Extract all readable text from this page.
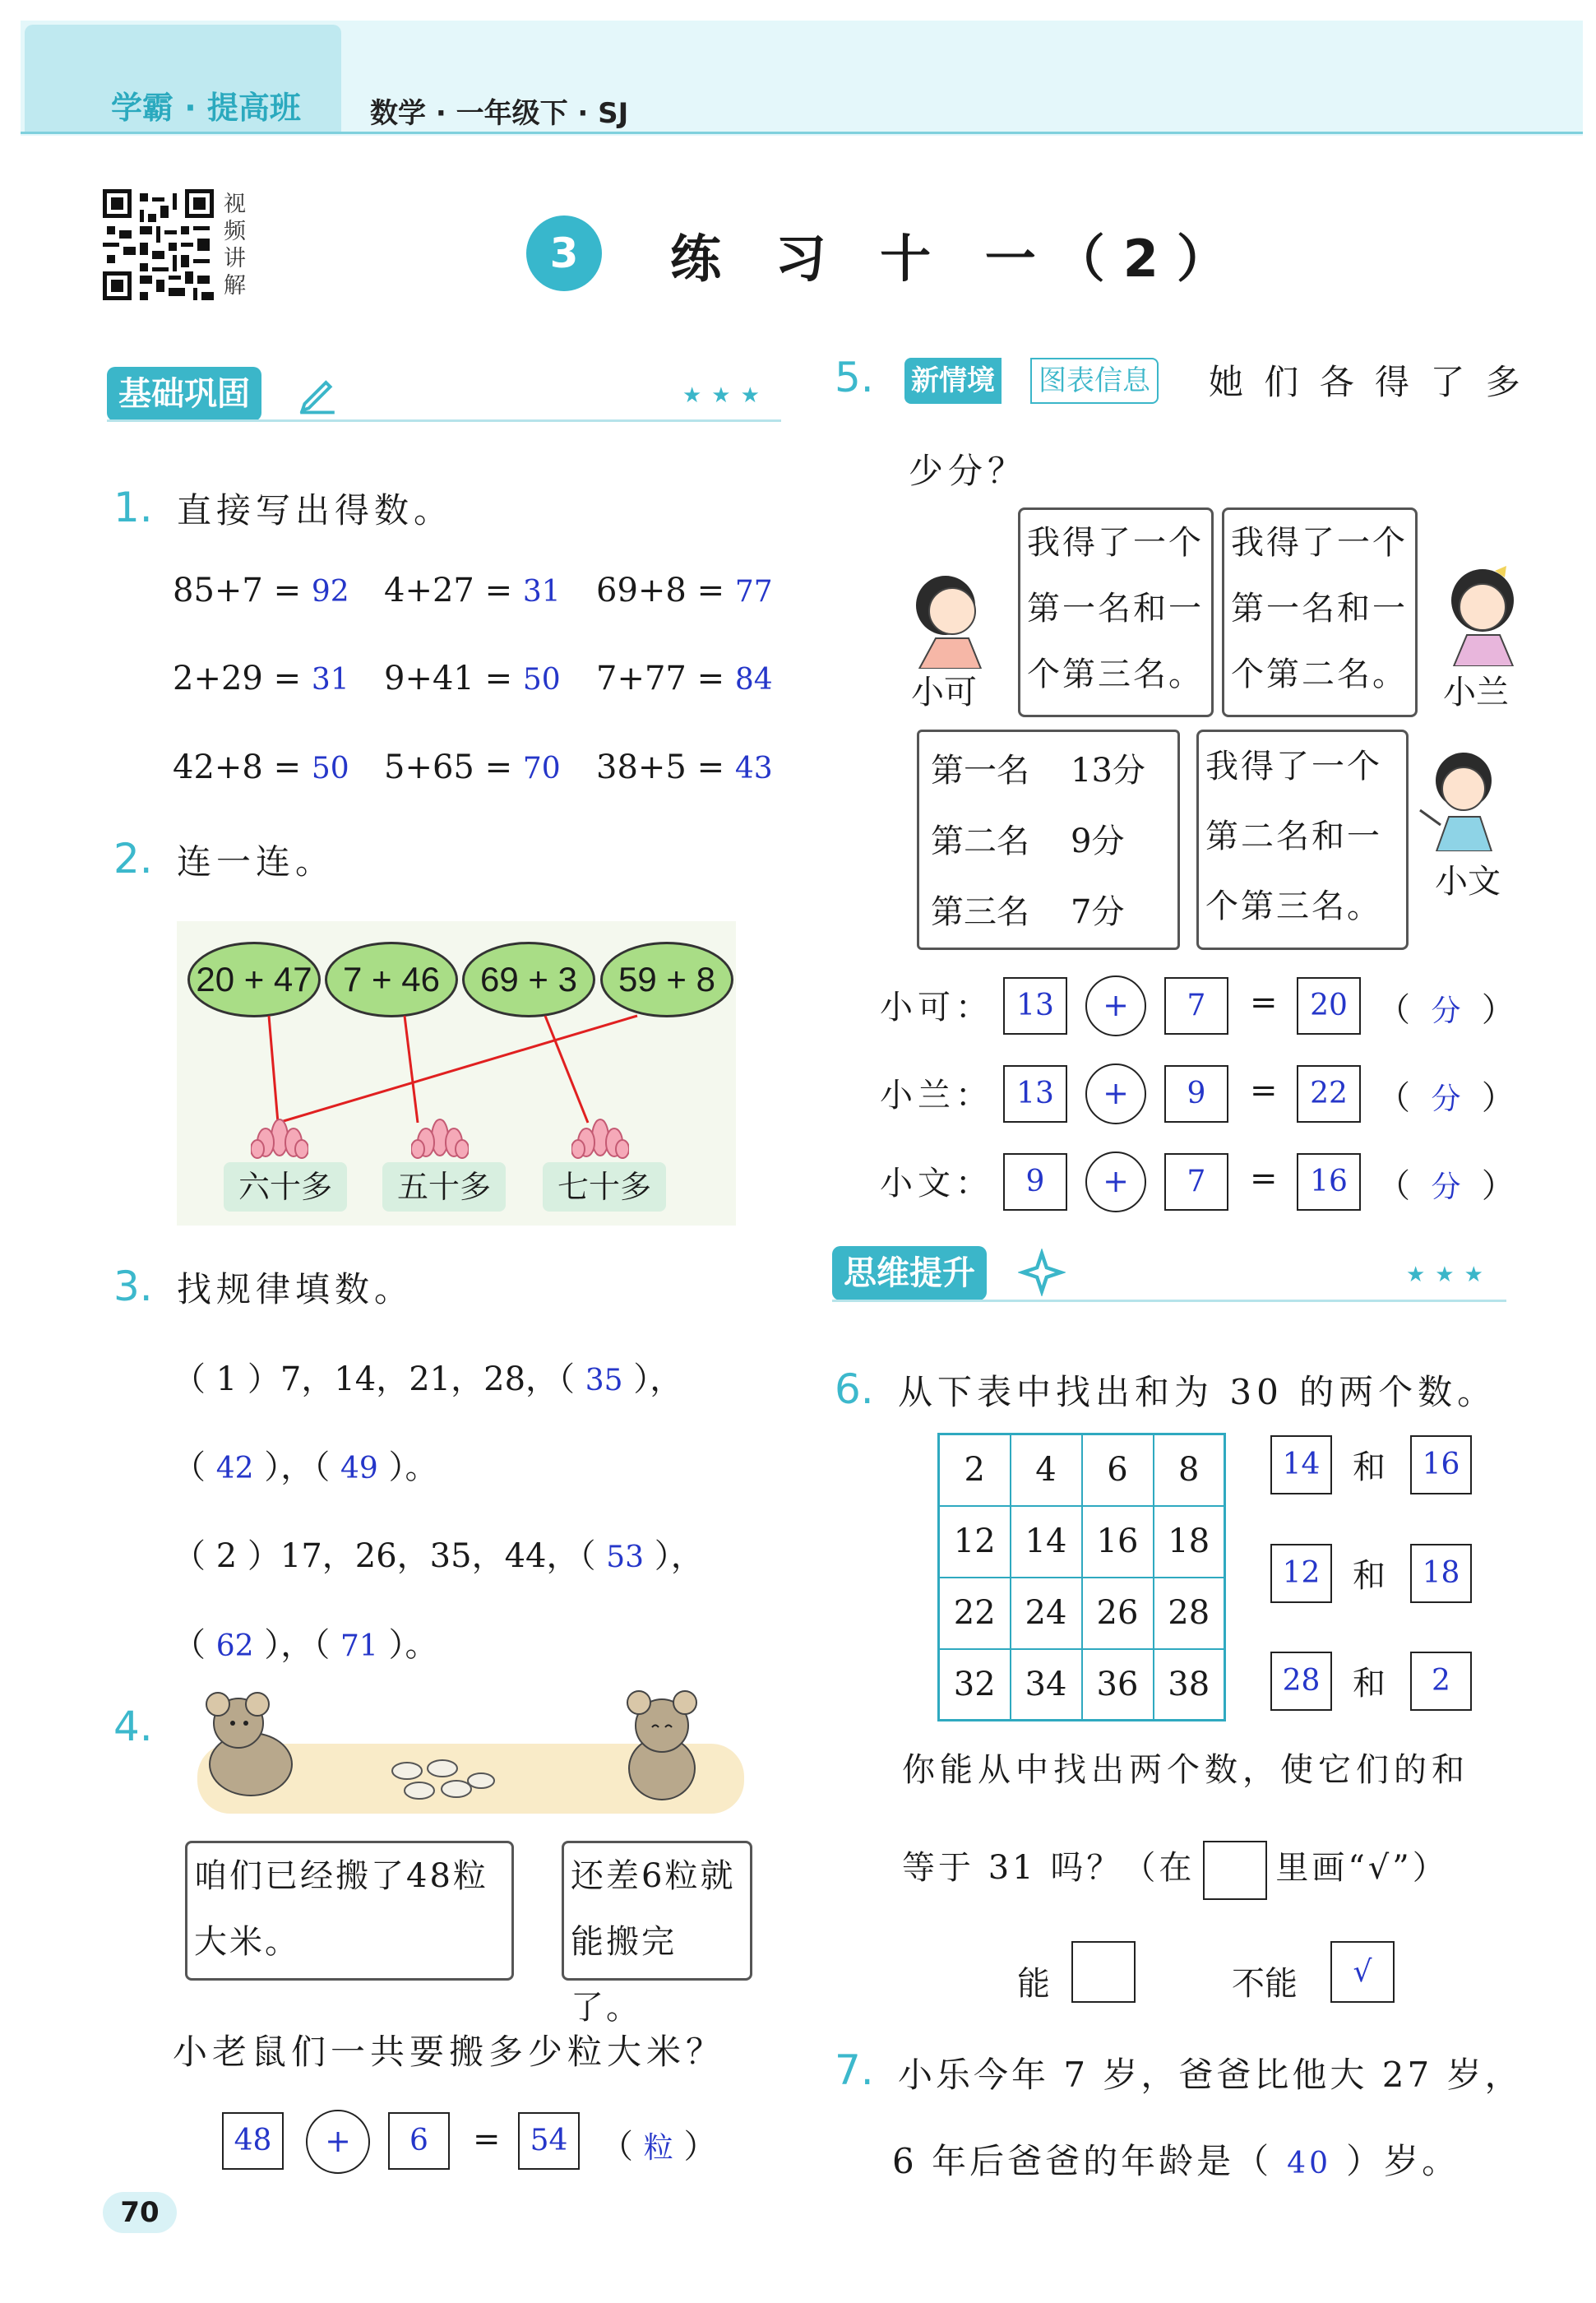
学霸 · 提高班 数学 · 一年级下 · SJ
视频讲解
3	练 习 十 一（2）
基础巩固	★★★
1. 直接写出得数。
85+7 = 92 4+27 = 31 69+8 = 77
2+29 = 31 9+41 = 50 7+77 = 84
42+8 = 50 5+65 = 70 38+5 = 43
2. 连一连。
20 + 47 7 + 46	69 + 3	59 + 8
六十多	五十多	七十多
3. 找规律填数。
（ 1 ）7，14，21，28，（ 35 ），
（ 42 ），（ 49 ）。
（ 2 ）17，26，35，44，（ 53 ），
（ 62 ），（ 71 ）。
4.
咱们已经搬了48粒
大米。
还差6粒就
能搬完了。
小老鼠们一共要搬多少粒大米？
48	+	6	=	54 （ 粒 ）
70
5. 新情境 图表信息 她 们 各 得 了 多
少分？
小可	小兰
我得了一个
第一名和一
个第三名。
我得了一个
第一名和一
个第二名。
第一名 13分
第二名 9分
第三名 7分
我得了一个
第二名和一
个第三名。
小文
小可： 13	+	7	=	20 （  分  ）
小兰： 13	+	9	=	22 （  分  ）
小文：	9	+	7	=	16 （  分  ）
思维提升	★★★
6. 从下表中找出和为 30 的两个数。
2	4	6	8
12	14	16	18
22	24	26	28
32	34	36	38
14 和	16
12 和	18
28 和	2
你能从中找出两个数，使它们的和
等于 31 吗？（在 里画“√”）
能	不能	√
7. 小乐今年 7 岁，爸爸比他大 27 岁，
6 年后爸爸的年龄是（ 40 ）岁。
